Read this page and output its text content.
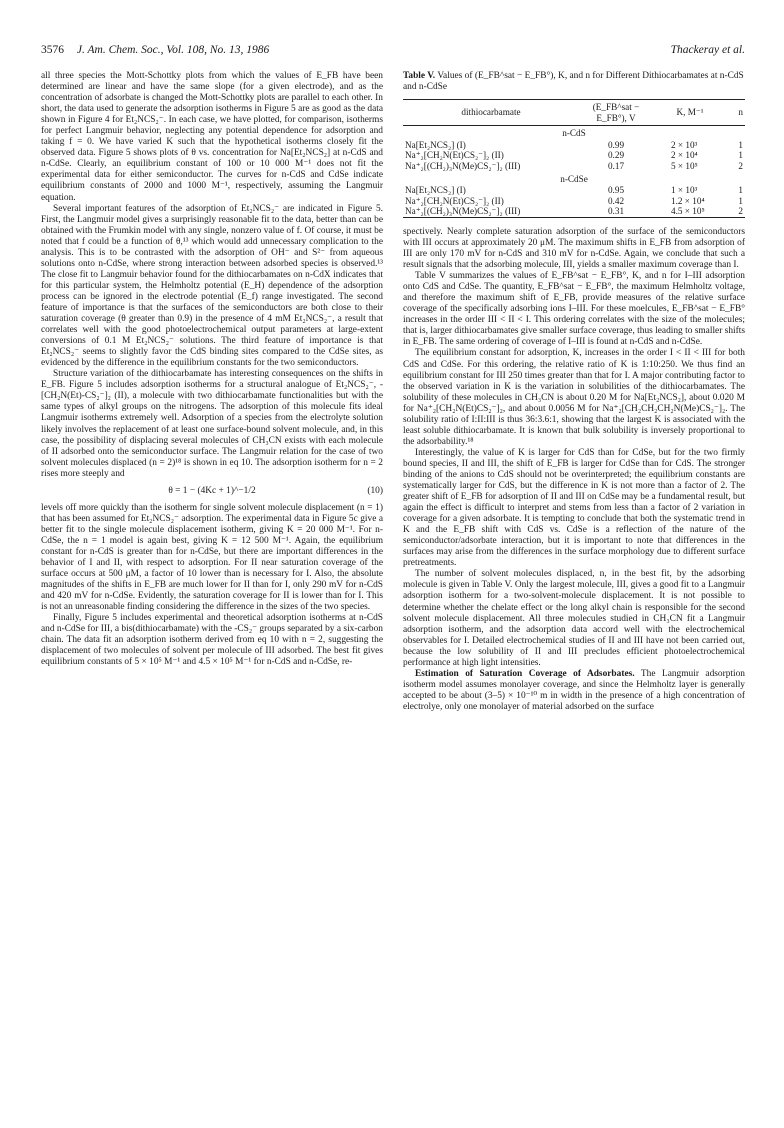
3576 J. Am. Chem. Soc., Vol. 108, No. 13, 1986	Thackeray et al.

all three species the Mott-Schottky plots from which the values of E_FB have been determined are linear and have the same slope (for a given electrode), and as the concentration of adsorbate is changed the Mott-Schottky plots are parallel to each other. In short, the data used to generate the adsorption isotherms in Figure 5 are as good as the data shown in Figure 4 for Et₂NCS₂⁻. In each case, we have plotted, for comparison, isotherms for perfect Langmuir behavior, neglecting any potential dependence for adsorption and taking f = 0. We have varied K such that the hypothetical isotherms closely fit the observed data. Figure 5 shows plots of θ vs. concentration for Na[Et₂NCS₂] at n-CdS and n-CdSe. Clearly, an equilibrium constant of 100 or 10 000 M⁻¹ does not fit the experimental data for either semiconductor. The curves for n-CdS and CdSe indicate equilibrium constants of 2000 and 1000 M⁻¹, respectively, assuming the Langmuir equation.

Several important features of the adsorption of Et₂NCS₂⁻ are indicated in Figure 5. First, the Langmuir model gives a surprisingly reasonable fit to the data, better than can be obtained with the Frumkin model with any single, nonzero value of f. Of course, it must be noted that f could be a function of θ,¹³ which would add unnecessary complication to the analysis. This is to be contrasted with the adsorption of OH⁻ and S²⁻ from aqueous solutions onto n-CdSe, where strong interaction between adsorbed species is observed.¹³ The close fit to Langmuir behavior found for the dithiocarbamates on n-CdX indicates that for this particular system, the Helmholtz potential (E_H) dependence of the adsorption process can be ignored in the electrode potential (E_f) range investigated. The second feature of importance is that the surfaces of the semiconductors are both close to their saturation coverage (θ greater than 0.9) in the presence of 4 mM Et₂NCS₂⁻, a result that correlates well with the good photoelectrochemical output parameters at large-extent conversions of 0.1 M Et₂NCS₂⁻ solutions. The third feature of importance is that Et₂NCS₂⁻ seems to slightly favor the CdS binding sites compared to the CdSe sites, as evidenced by the difference in the equilibrium constants for the two semiconductors.

Structure variation of the dithiocarbamate has interesting consequences on the shifts in E_FB. Figure 5 includes adsorption isotherms for a structural analogue of Et₂NCS₂⁻, -[CH₂N(Et)-CS₂⁻]₂ (II), a molecule with two dithiocarbamate functionalities but with the same types of alkyl groups on the nitrogens. The adsorption of this molecule fits ideal Langmuir isotherms extremely well. Adsorption of a species from the electrolyte solution likely involves the replacement of at least one surface-bound solvent molecule, and, in this case, the possibility of displacing several molecules of CH₃CN exists with each molecule of II adsorbed onto the semiconductor surface. The Langmuir relation for the case of two solvent molecules displaced (n = 2)¹⁸ is shown in eq 10. The adsorption isotherm for n = 2 rises more steeply and

θ = 1 − (4Kc + 1)^−1/2	(10)

levels off more quickly than the isotherm for single solvent molecule displacement (n = 1) that has been assumed for Et₂NCS₂⁻ adsorption. The experimental data in Figure 5c give a better fit to the single molecule displacement isotherm, giving K = 20 000 M⁻¹. For n-CdSe, the n = 1 model is again best, giving K = 12 500 M⁻¹. Again, the equilibrium constant for n-CdS is greater than for n-CdSe, but there are important differences in the behavior of I and II, with respect to adsorption. For II near saturation coverage of the surface occurs at 500 μM, a factor of 10 lower than is necessary for I. Also, the absolute magnitudes of the shifts in E_FB are much lower for II than for I, only 290 mV for n-CdS and 420 mV for n-CdSe. Evidently, the saturation coverage for II is lower than for I. This is not an unreasonable finding considering the difference in the sizes of the two species.

Finally, Figure 5 includes experimental and theoretical adsorption isotherms at n-CdS and n-CdSe for III, a bis(dithiocarbamate) with the -CS₂⁻ groups separated by a six-carbon chain. The data fit an adsorption isotherm derived from eq 10 with n = 2, suggesting the displacement of two molecules of solvent per molecule of III adsorbed. The best fit gives equilibrium constants of 5 × 10⁵ M⁻¹ and 4.5 × 10⁵ M⁻¹ for n-CdS and n-CdSe, re-

Table V. Values of (E_FB^sat − E_FB°), K, and n for Different Dithiocarbamates at n-CdS and n-CdSe
dithiocarbamate	(E_FB^sat − E_FB°), V	K, M⁻¹	n
n-CdS			
Na[Et₂NCS₂] (I)	0.99	2 × 10³	1
Na⁺₂[CH₂N(Et)CS₂⁻]₂ (II)	0.29	2 × 10⁴	1
Na⁺₂[(CH₂)₃N(Me)CS₂⁻]₂ (III)	0.17	5 × 10⁵	2
n-CdSe			
Na[Et₂NCS₂] (I)	0.95	1 × 10³	1
Na⁺₂[CH₂N(Et)CS₂⁻]₂ (II)	0.42	1.2 × 10⁴	1
Na⁺₂[(CH₂)₃N(Me)CS₂⁻]₂ (III)	0.31	4.5 × 10⁵	2

spectively. Nearly complete saturation adsorption of the surface of the semiconductors with III occurs at approximately 20 μM. The maximum shifts in E_FB from adsorption of III are only 170 mV for n-CdS and 310 mV for n-CdSe. Again, we conclude that such a result signals that the adsorbing molecule, III, yields a smaller maximum coverage than I.

Table V summarizes the values of E_FB^sat − E_FB°, K, and n for I–III adsorption onto CdS and CdSe. The quantity, E_FB^sat − E_FB°, the maximum Helmholtz voltage, and therefore the maximum shift of E_FB, provide measures of the relative surface coverage of the specifically adsorbing ions I–III. For these moelcules, E_FB^sat − E_FB° increases in the order III < II < I. This ordering correlates with the size of the molecules; that is, larger dithiocarbamates give smaller surface coverage, thus leading to smaller shifts in E_FB. The same ordering of coverage of I–III is found at n-CdS and n-CdSe.

The equilibrium constant for adsorption, K, increases in the order I < II < III for both CdS and CdSe. For this ordering, the relative ratio of K is 1:10:250. We thus find an equilibrium constant for III 250 times greater than that for I. A major contributing factor to the observed variation in K is the variation in solubilities of the dithiocarbamates. The solubility of these molecules in CH₃CN is about 0.20 M for Na[Et₂NCS₂], about 0.020 M for Na⁺₂[CH₂N(Et)CS₂⁻]₂, and about 0.0056 M for Na⁺₂[CH₂CH₂CH₂N(Me)CS₂⁻]₂. The solubility ratio of I:II:III is thus 36:3.6:1, showing that the largest K is associated with the least soluble dithiocarbamate. It is known that bulk solubility is inversely proportional to the adsorbability.¹⁸

Interestingly, the value of K is larger for CdS than for CdSe, but for the two firmly bound species, II and III, the shift of E_FB is larger for CdSe than for CdS. The stronger binding of the anions to CdS should not be overinterpreted; the equilibrium constants are systematically larger for CdS, but the difference in K is not more than a factor of 2. The greater shift of E_FB for adsorption of II and III on CdSe may be a fundamental result, but again the effect is difficult to interpret and stems from less than a factor of 2 variation in coverage for a given adsorbate. It is tempting to conclude that both the systematic trend in K and the E_FB shift with CdS vs. CdSe is a reflection of the nature of the semiconductor/adsorbate interaction, but it is important to note that differences in the surfaces may arise from the differences in the surface morphology due to different surface pretreatments.

The number of solvent molecules displaced, n, in the best fit, by the adsorbing molecule is given in Table V. Only the largest molecule, III, gives a good fit to a Langmuir adsorption isotherm for a two-solvent-molecule displacement. It is not possible to determine whether the chelate effect or the long alkyl chain is responsible for the second solvent molecule displacement. All three molecules studied in CH₃CN fit a Langmuir adsorption isotherm, and the adsorption data accord well with the electrochemical observables for I. Detailed electrochemical studies of II and III have not been carried out, because the low solubility of II and III precludes efficient photoelectrochemical performance at high light intensities.

Estimation of Saturation Coverage of Adsorbates. The Langmuir adsorption isotherm model assumes monolayer coverage, and since the Helmholtz layer is generally accepted to be about (3–5) × 10⁻¹⁰ m in width in the presence of a high concentration of electrolye, only one monolayer of material adsorbed on the surface
